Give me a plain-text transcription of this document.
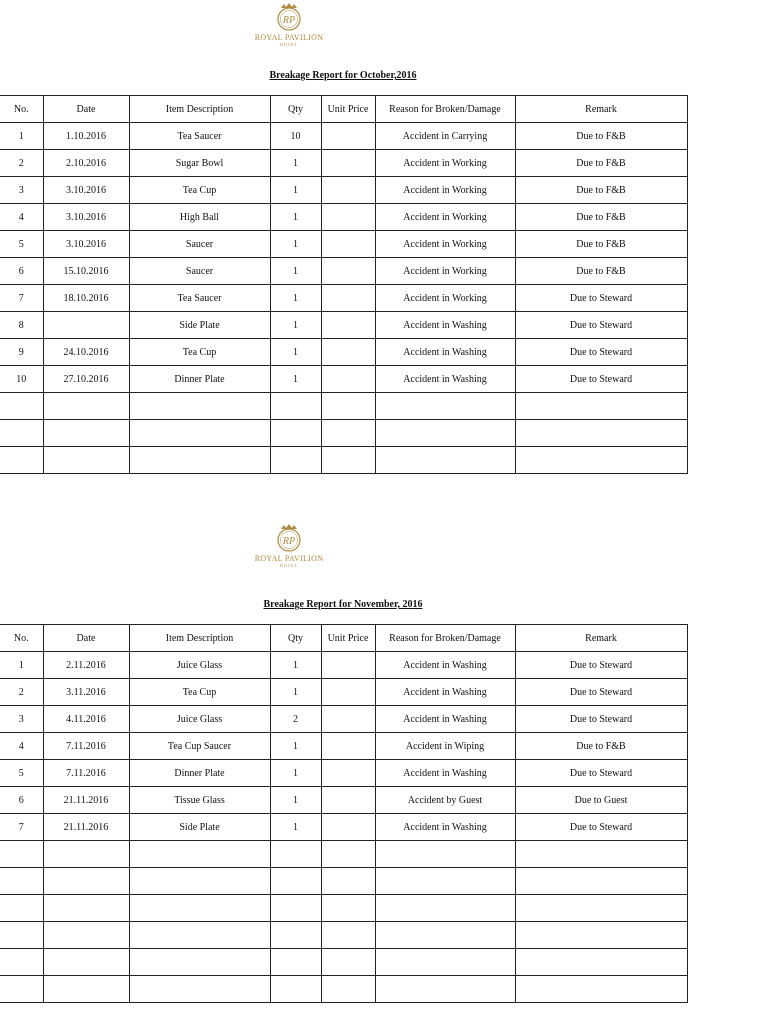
RP
ROYAL PAVILION
HOTEL
Breakage Report for October,2016
No.	Date	Item Description	Qty	Unit Price	Reason for Broken/Damage	Remark
1	1.10.2016	Tea Saucer	10		Accident in Carrying	Due to F&B
2	2.10.2016	Sugar Bowl	1		Accident in Working	Due to F&B
3	3.10.2016	Tea Cup	1		Accident in Working	Due to F&B
4	3.10.2016	High Ball	1		Accident in Working	Due to F&B
5	3.10.2016	Saucer	1		Accident in Working	Due to F&B
6	15.10.2016	Saucer	1		Accident in Working	Due to F&B
7	18.10.2016	Tea Saucer	1		Accident in Working	Due to Steward
8		Side Plate	1		Accident in Washing	Due to Steward
9	24.10.2016	Tea Cup	1		Accident in Washing	Due to Steward
10	27.10.2016	Dinner Plate	1		Accident in Washing	Due to Steward

RP
ROYAL PAVILION
HOTEL
Breakage Report for November, 2016
No.	Date	Item Description	Qty	Unit Price	Reason for Broken/Damage	Remark
1	2.11.2016	Juice Glass	1		Accident in Washing	Due to Steward
2	3.11.2016	Tea Cup	1		Accident in Washing	Due to Steward
3	4.11.2016	Juice Glass	2		Accident in Washing	Due to Steward
4	7.11.2016	Tea Cup Saucer	1		Accident in Wiping	Due to F&B
5	7.11.2016	Dinner Plate	1		Accident in Washing	Due to Steward
6	21.11.2016	Tissue Glass	1		Accident by Guest	Due to Guest
7	21.11.2016	Side Plate	1		Accident in Washing	Due to Steward
